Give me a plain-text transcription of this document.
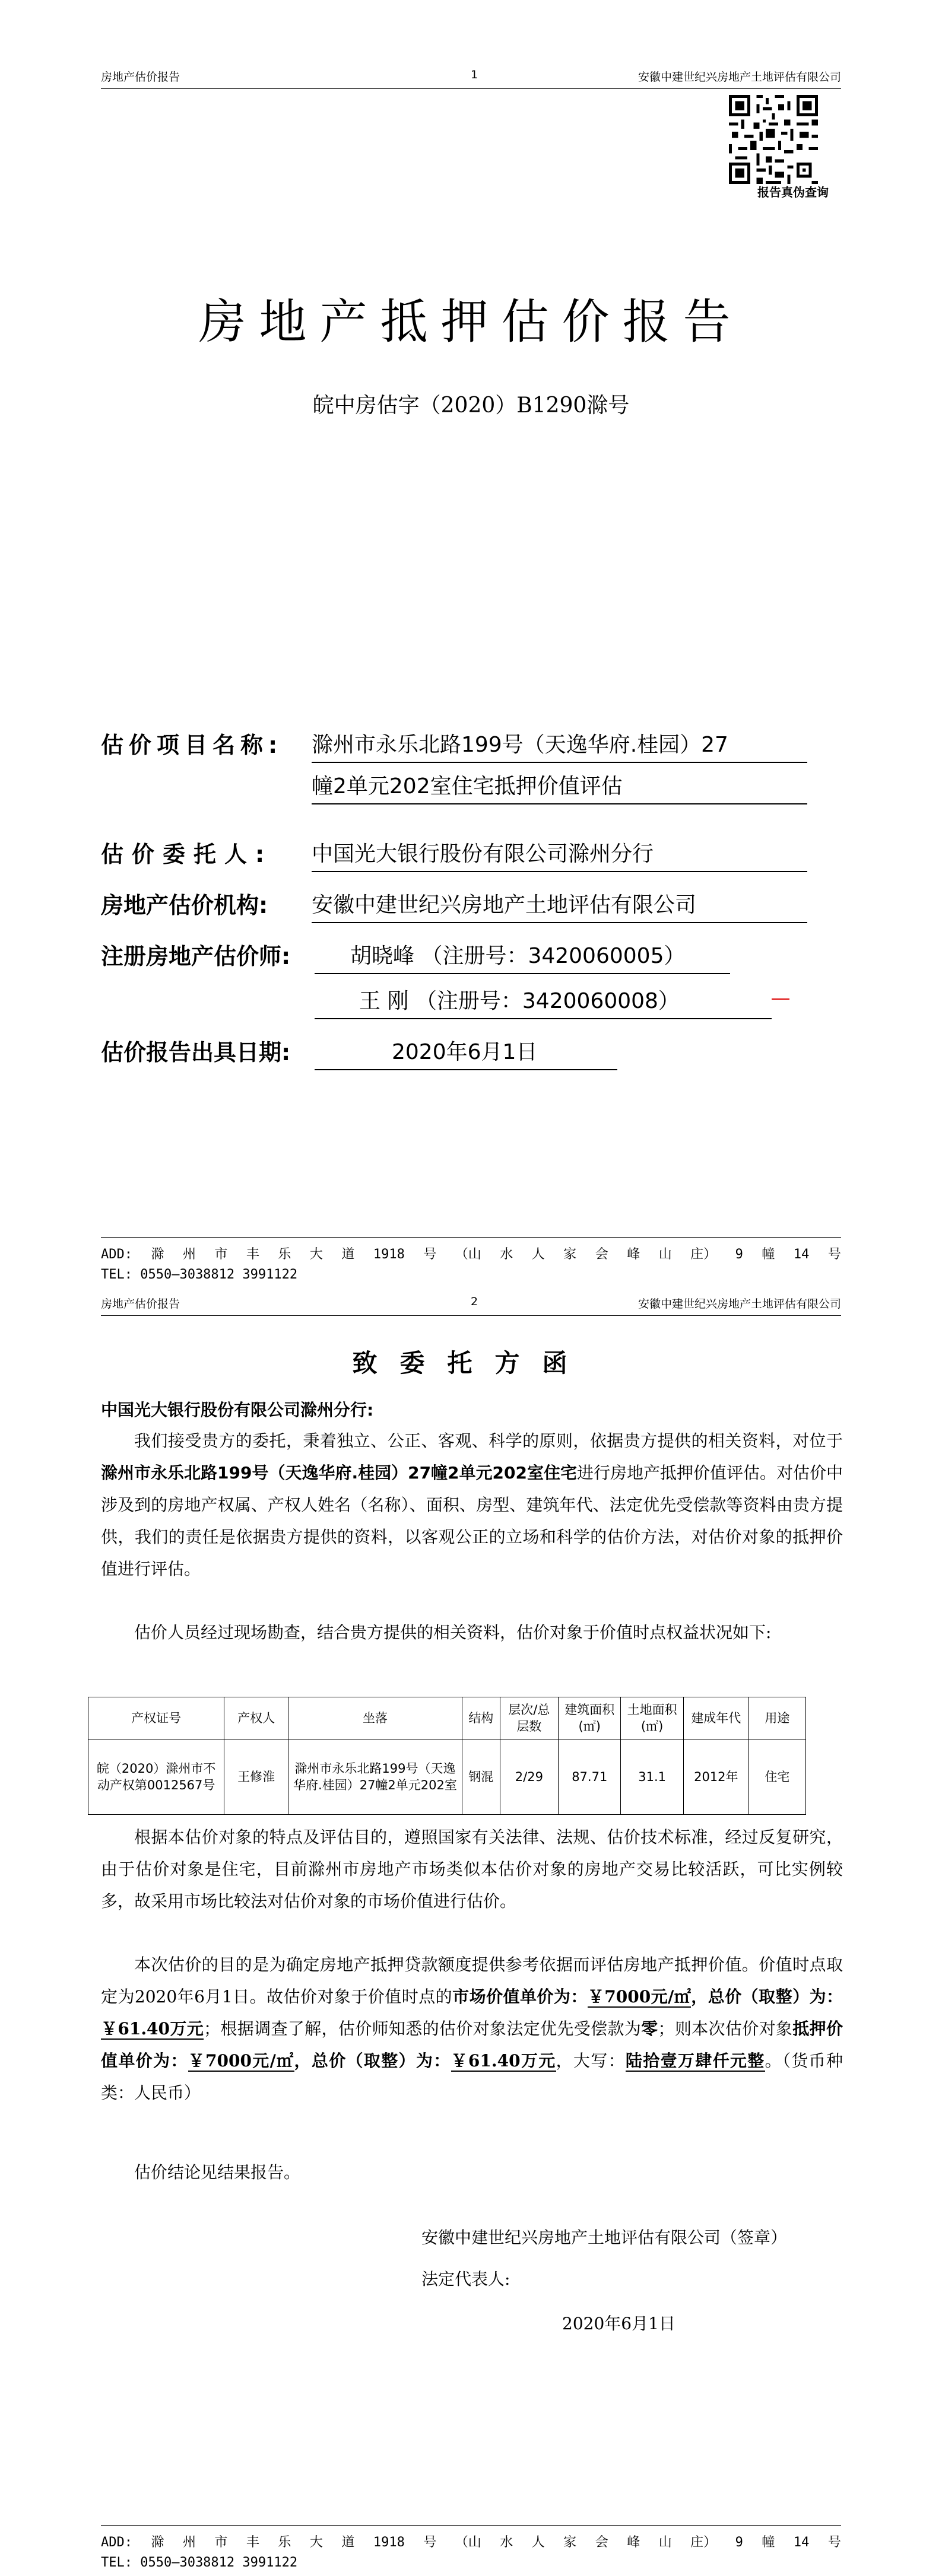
房地产估价报告	1	安徽中建世纪兴房地产土地评估有限公司
报告真伪查询
房地产抵押估价报告
皖中房估字（2020）B1290滁号
估价项目名称: 滁州市永乐北路199号（天逸华府.桂园）27
幢2单元202室住宅抵押价值评估
估价委托人: 中国光大银行股份有限公司滁州分行
房地产估价机构: 安徽中建世纪兴房地产土地评估有限公司
注册房地产估价师:	胡晓峰 （注册号：3420060005）
王 刚 （注册号：3420060008）
估价报告出具日期:	2020年6月1日
ADD: 滁 州 市 丰 乐 大 道 1918 号 （山 水 人 家 会 峰 山 庄） 9 幢 14 号
TEL: 0550—3038812 3991122
房地产估价报告	2	安徽中建世纪兴房地产土地评估有限公司
ADD: 滁 州 市 丰 乐 大 道 1918 号 （山 水 人 家 会 峰 山 庄） 9 幢 14 号
TEL: 0550—3038812 3991122
致委托方函
中国光大银行股份有限公司滁州分行:

我们接受贵方的委托，秉着独立、公正、客观、科学的原则，依据贵方提供的相关资料，对位于滁州市永乐北路199号（天逸华府.桂园）27幢2单元202室住宅进行房地产抵押价值评估。对估价中涉及到的房地产权属、产权人姓名（名称）、面积、房型、建筑年代、法定优先受偿款等资料由贵方提供，我们的责任是依据贵方提供的资料，以客观公正的立场和科学的估价方法，对估价对象的抵押价值进行评估。

估价人员经过现场勘查，结合贵方提供的相关资料，估价对象于价值时点权益状况如下:

产权证号	产权人	坐落	结构	层次/总层数	建筑面积(㎡)	土地面积(㎡)	建成年代	用途
皖（2020）滁州市不动产权第0012567号	王修淮	滁州市永乐北路199号（天逸华府.桂园）27幢2单元202室	钢混	2/29	87.71	31.1	2012年	住宅

根据本估价对象的特点及评估目的，遵照国家有关法律、法规、估价技术标准，经过反复研究，由于估价对象是住宅，目前滁州市房地产市场类似本估价对象的房地产交易比较活跃，可比实例较多，故采用市场比较法对估价对象的市场价值进行估价。

本次估价的目的是为确定房地产抵押贷款额度提供参考依据而评估房地产抵押价值。价值时点取定为2020年6月1日。故估价对象于价值时点的市场价值单价为：￥7000元/㎡，总价（取整）为：￥61.40万元；根据调查了解，估价师知悉的估价对象法定优先受偿款为零；则本次估价对象抵押价值单价为：￥7000元/㎡，总价（取整）为：￥61.40万元，大写：陆拾壹万肆仟元整。（货币种类：人民币）

估价结论见结果报告。

安徽中建世纪兴房地产土地评估有限公司（签章）
法定代表人:
2020年6月1日
